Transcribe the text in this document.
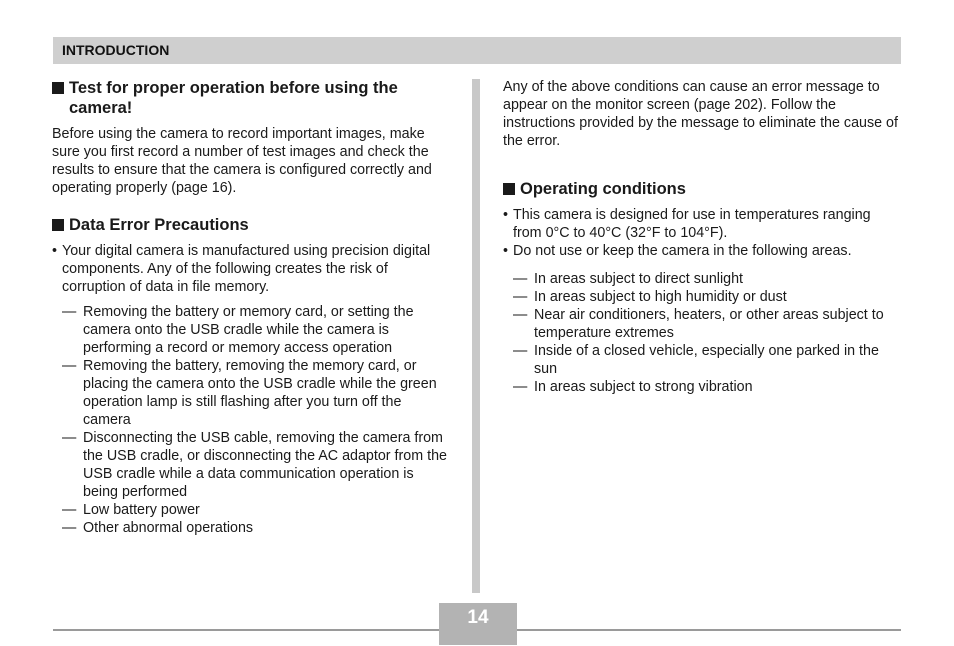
INTRODUCTION
Test for proper operation before using the camera!

Before using the camera to record important images, make sure you first record a number of test images and check the results to ensure that the camera is configured correctly and operating properly (page 16).

Data Error Precautions
• Your digital camera is manufactured using precision digital components. Any of the following creates the risk of corruption of data in file memory.
— Removing the battery or memory card, or setting the camera onto the USB cradle while the camera is performing a record or memory access operation
— Removing the battery, removing the memory card, or placing the camera onto the USB cradle while the green operation lamp is still flashing after you turn off the camera
— Disconnecting the USB cable, removing the camera from the USB cradle, or disconnecting the AC adaptor from the USB cradle while a data communication operation is being performed
— Low battery power
— Other abnormal operations

Any of the above conditions can cause an error message to appear on the monitor screen (page 202). Follow the instructions provided by the message to eliminate the cause of the error.

Operating conditions
• This camera is designed for use in temperatures ranging from 0°C to 40°C (32°F to 104°F).
• Do not use or keep the camera in the following areas.
— In areas subject to direct sunlight
— In areas subject to high humidity or dust
— Near air conditioners, heaters, or other areas subject to temperature extremes
— Inside of a closed vehicle, especially one parked in the sun
— In areas subject to strong vibration
14
